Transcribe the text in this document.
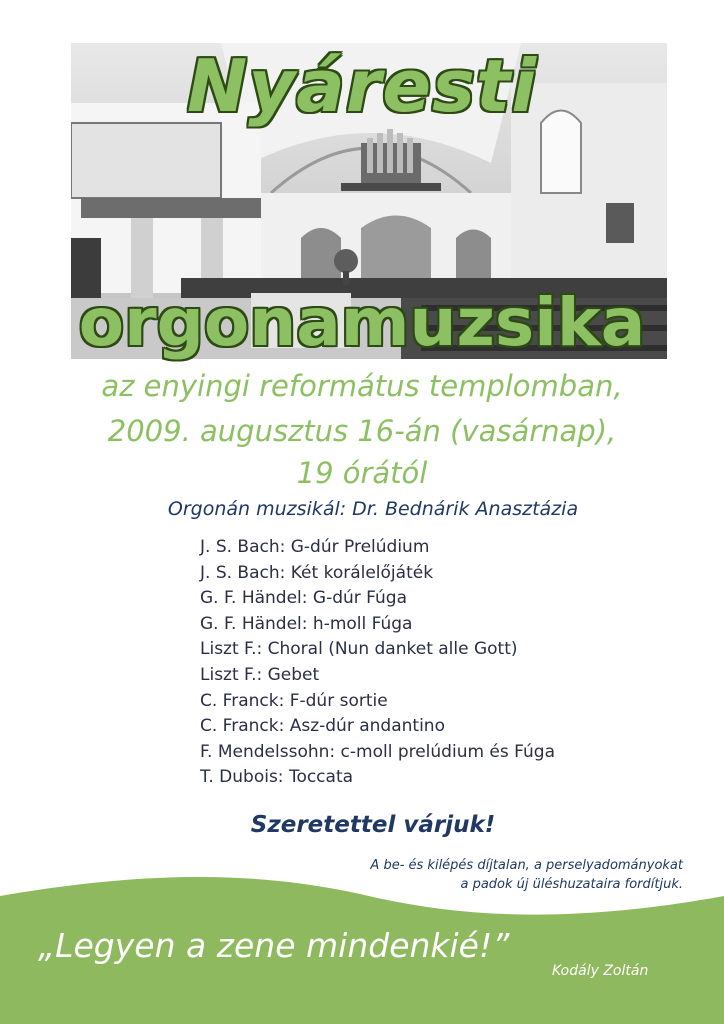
Nyáresti
orgonamuzsika
az enyingi református templomban,
2009. augusztus 16-án (vasárnap),
19 órától
Orgonán muzsikál: Dr. Bednárik Anasztázia
J. S. Bach: G-dúr Prelúdium
J. S. Bach: Két korálelőjáték
G. F. Händel: G-dúr Fúga
G. F. Händel: h-moll Fúga
Liszt F.: Choral (Nun danket alle Gott)
Liszt F.: Gebet
C. Franck: F-dúr sortie
C. Franck: Asz-dúr andantino
F. Mendelssohn: c-moll prelúdium és Fúga
T. Dubois: Toccata
Szeretettel várjuk!
A be- és kilépés díjtalan, a perselyadományokat
a padok új üléshuzataira fordítjuk.
„Legyen a zene mindenkié!”
Kodály Zoltán
